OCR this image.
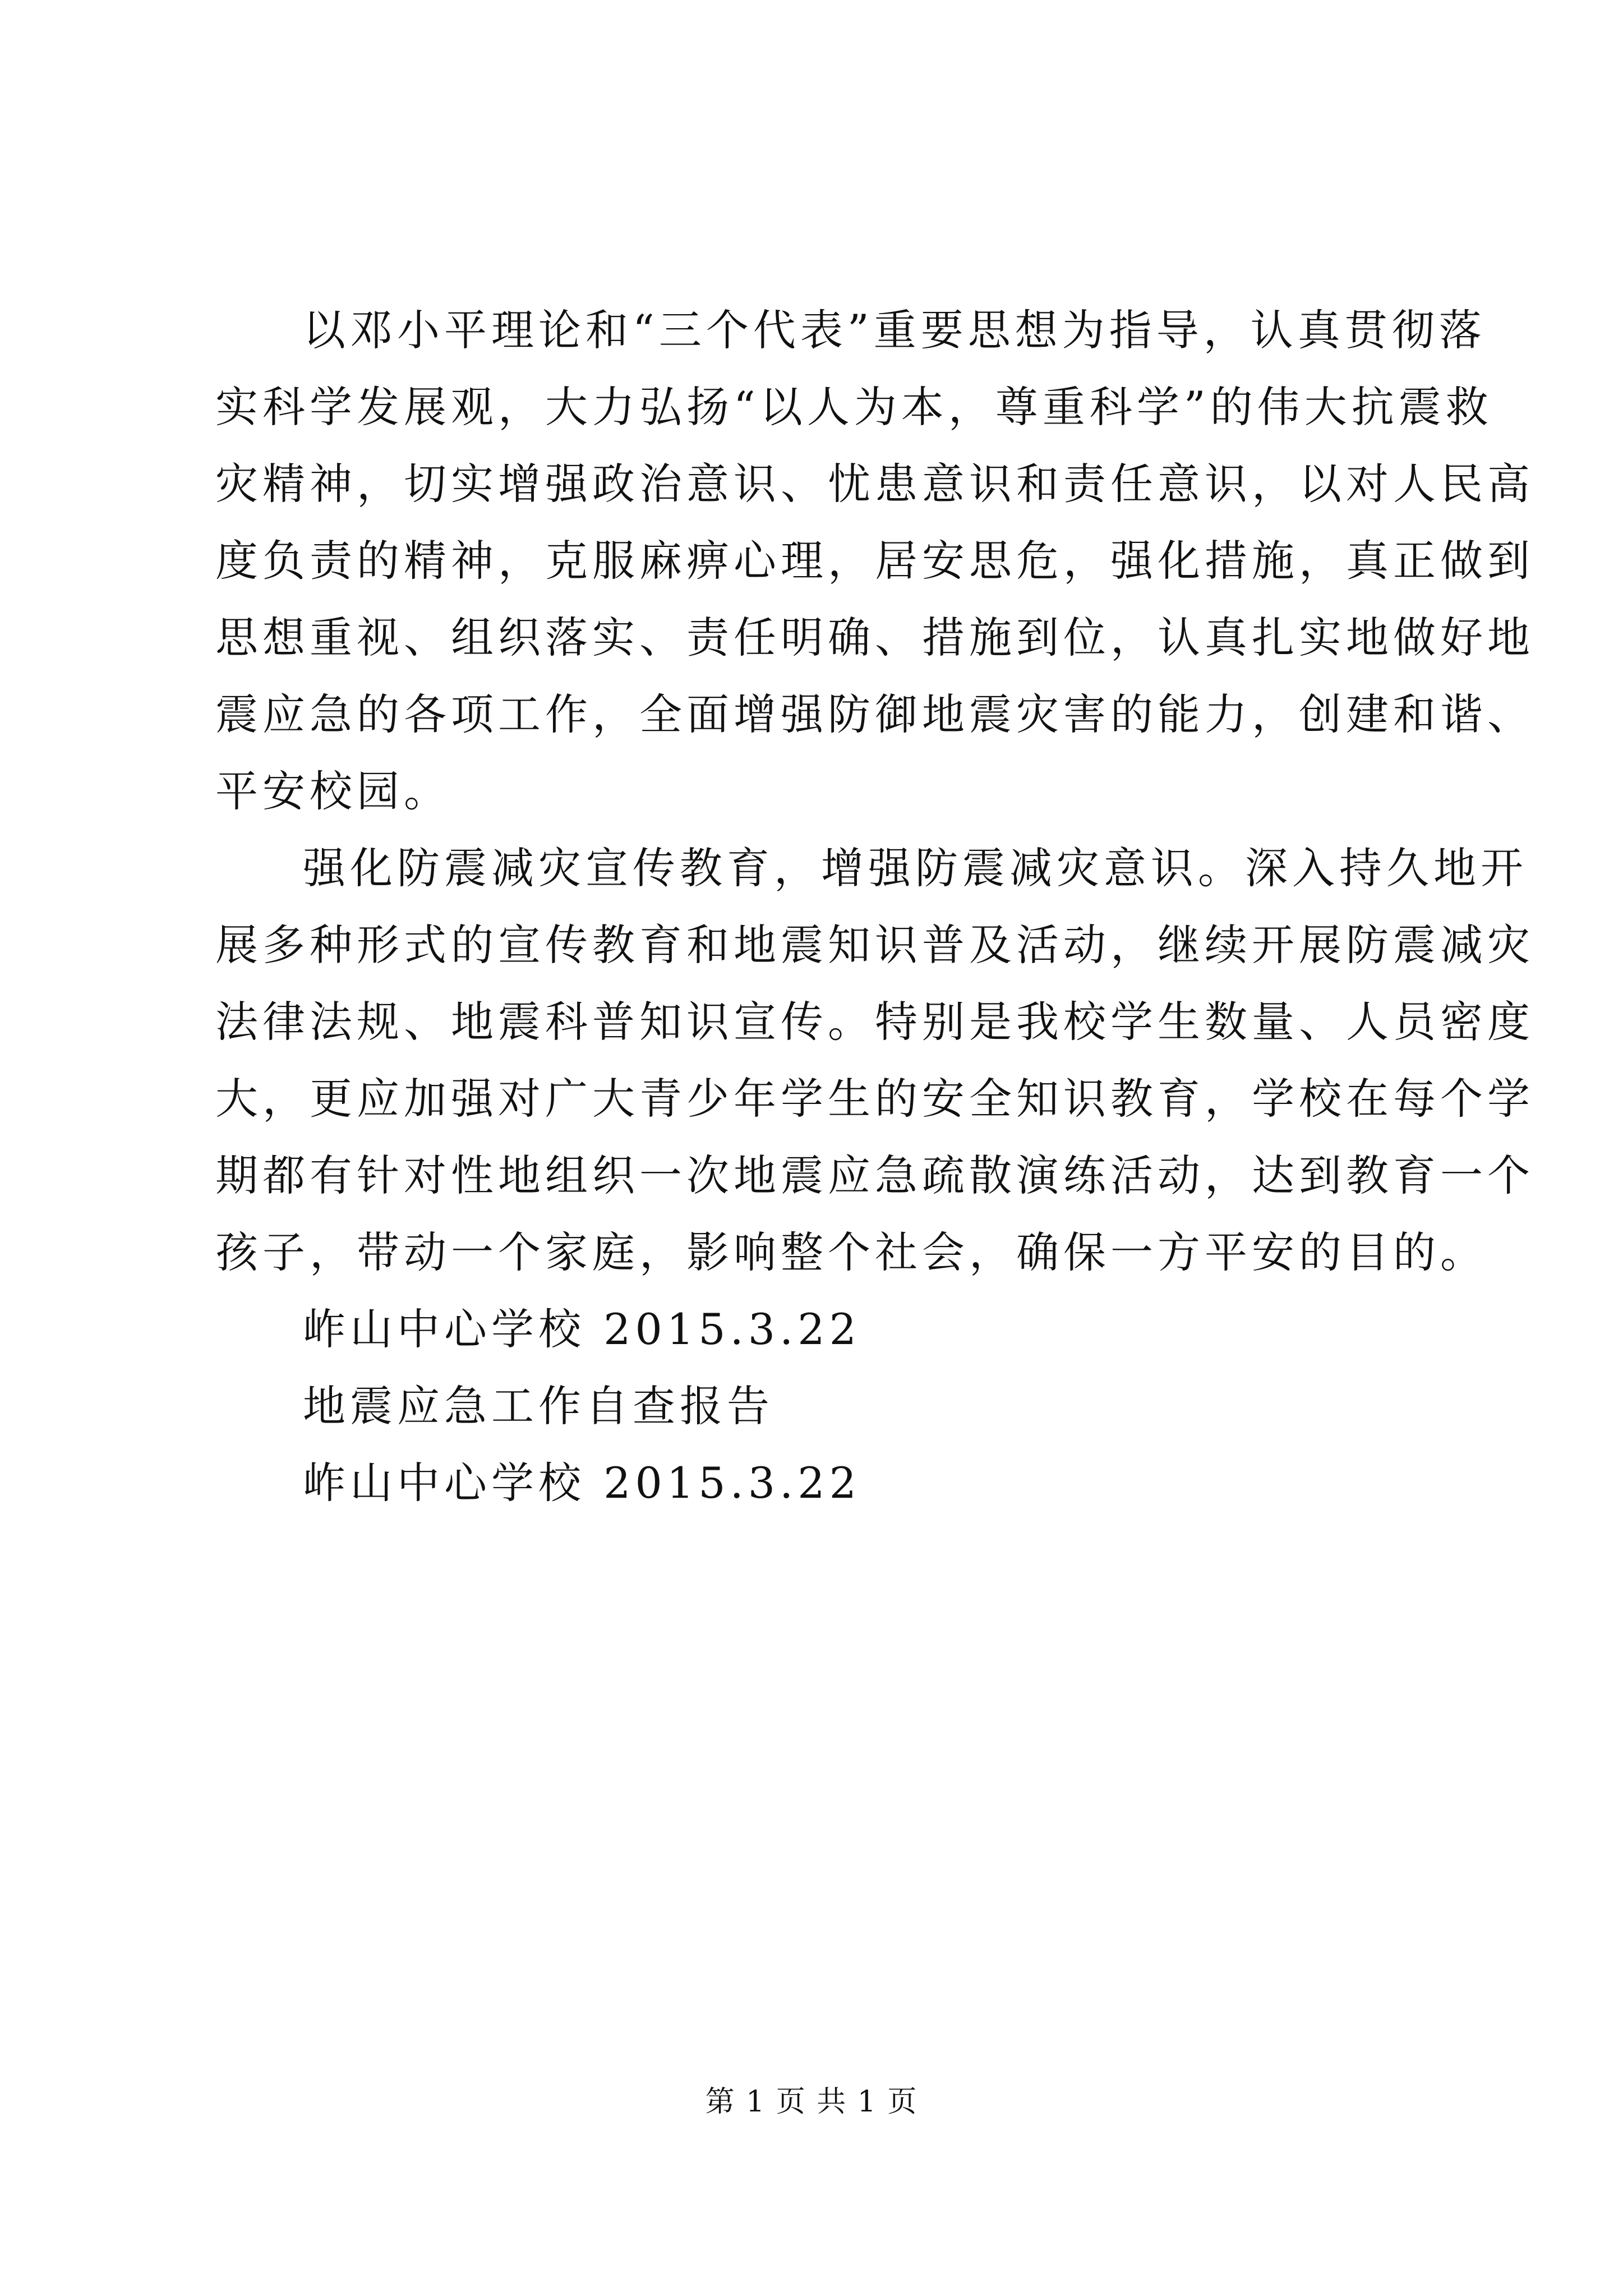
以邓小平理论和“三个代表”重要思想为指导，认真贯彻落
实科学发展观，大力弘扬“以人为本，尊重科学”的伟大抗震救
灾精神，切实增强政治意识、忧患意识和责任意识，以对人民高
度负责的精神，克服麻痹心理，居安思危，强化措施，真正做到
思想重视、组织落实、责任明确、措施到位，认真扎实地做好地
震应急的各项工作，全面增强防御地震灾害的能力，创建和谐、
平安校园。
强化防震减灾宣传教育，增强防震减灾意识。深入持久地开
展多种形式的宣传教育和地震知识普及活动，继续开展防震减灾
法律法规、地震科普知识宣传。特别是我校学生数量、人员密度
大，更应加强对广大青少年学生的安全知识教育，学校在每个学
期都有针对性地组织一次地震应急疏散演练活动，达到教育一个
孩子，带动一个家庭，影响整个社会，确保一方平安的目的。
岞山中心学校 2015.3.22
地震应急工作自查报告
岞山中心学校 2015.3.22
第 1 页 共 1 页
